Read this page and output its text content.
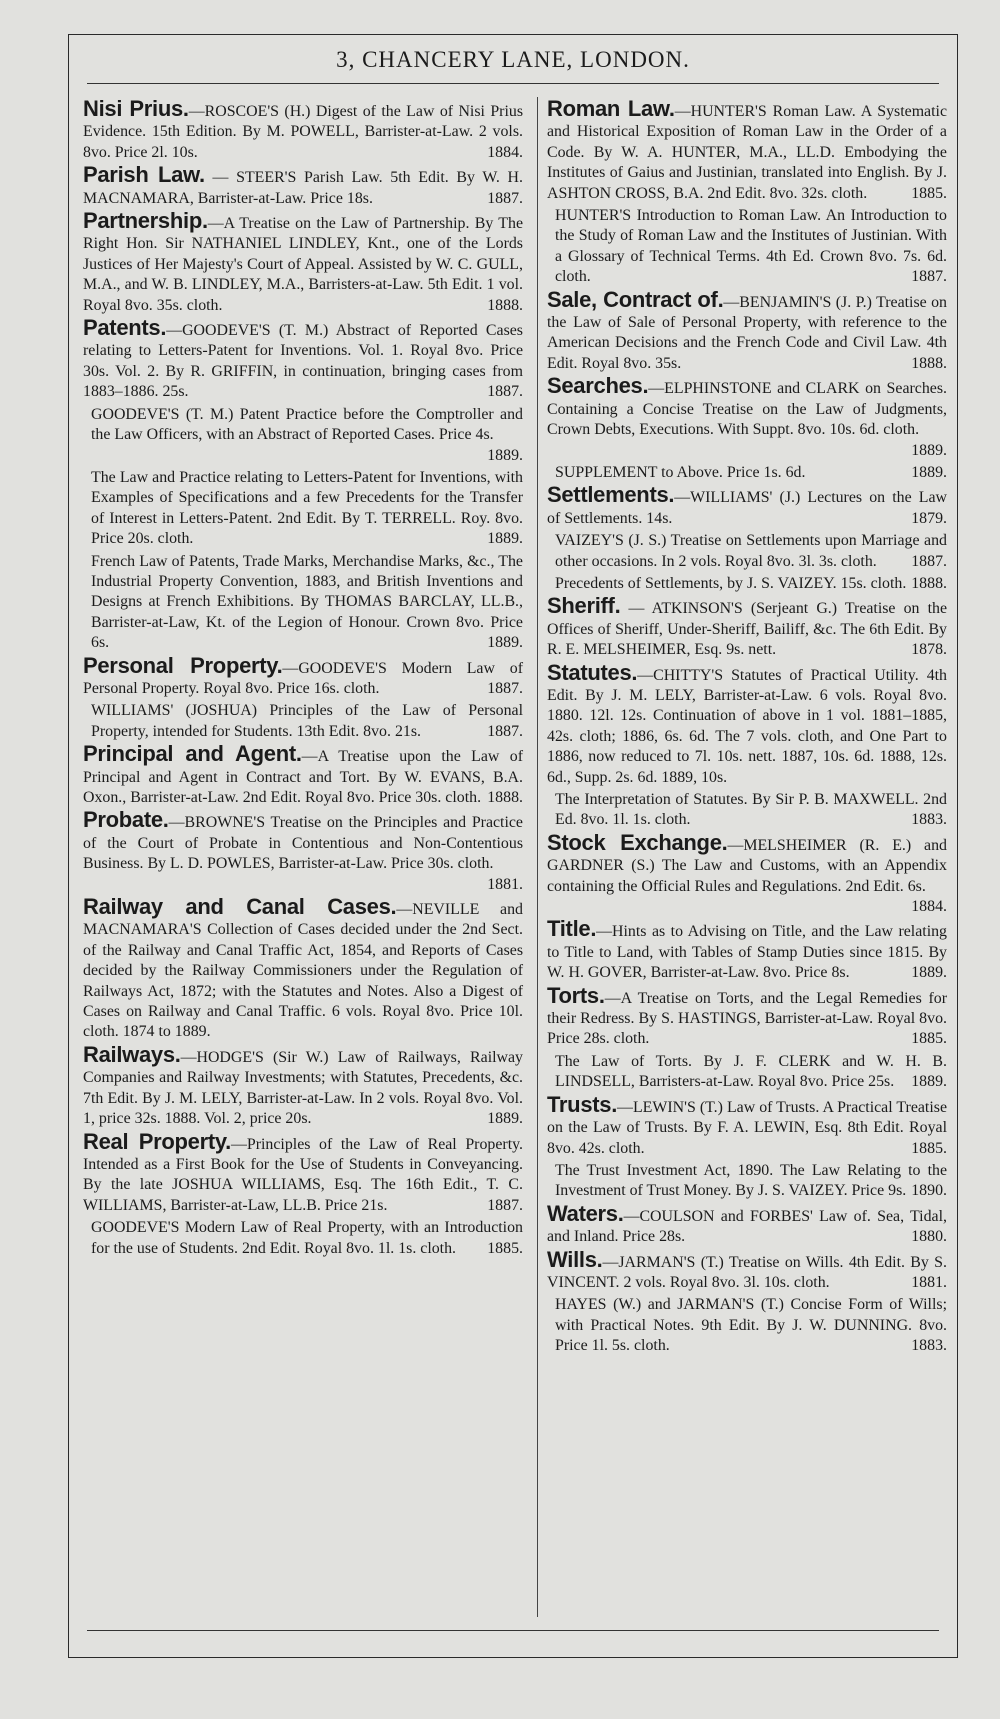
3, CHANCERY LANE, LONDON.
Nisi Prius.—ROSCOE'S (H.) Digest of the Law of Nisi Prius Evidence. 15th Edition. By M. POWELL, Barrister-at-Law. 2 vols. 8vo. Price 2l. 10s.	1884.
Parish Law. — STEER'S Parish Law. 5th Edit. By W. H. MACNAMARA, Barrister-at-Law. Price 18s.	1887.
Partnership.—A Treatise on the Law of Partnership. By The Right Hon. Sir NATHANIEL LINDLEY, Knt., one of the Lords Justices of Her Majesty's Court of Appeal. Assisted by W. C. GULL, M.A., and W. B. LINDLEY, M.A., Barristers-at-Law. 5th Edit. 1 vol. Royal 8vo. 35s. cloth.	1888.
Patents.—GOODEVE'S (T. M.) Abstract of Reported Cases relating to Letters-Patent for Inventions. Vol. 1. Royal 8vo. Price 30s. Vol. 2. By R. GRIFFIN, in continuation, bringing cases from 1883–1886. 25s.	1887.
GOODEVE'S (T. M.) Patent Practice before the Comptroller and the Law Officers, with an Abstract of Reported Cases. Price 4s.
1889.
The Law and Practice relating to Letters-Patent for Inventions, with Examples of Specifications and a few Precedents for the Transfer of Interest in Letters-Patent. 2nd Edit. By T. TERRELL. Roy. 8vo. Price 20s. cloth.	1889.
French Law of Patents, Trade Marks, Merchandise Marks, &c., The Industrial Property Convention, 1883, and British Inventions and Designs at French Exhibitions. By THOMAS BARCLAY, LL.B., Barrister-at-Law, Kt. of the Legion of Honour. Crown 8vo. Price 6s.	1889.
Personal Property.—GOODEVE'S Modern Law of Personal Property. Royal 8vo. Price 16s. cloth.	1887.
WILLIAMS' (JOSHUA) Principles of the Law of Personal Property, intended for Students. 13th Edit. 8vo. 21s.	1887.
Principal and Agent.—A Treatise upon the Law of Principal and Agent in Contract and Tort. By W. EVANS, B.A. Oxon., Barrister-at-Law. 2nd Edit. Royal 8vo. Price 30s. cloth. 1888.
Probate.—BROWNE'S Treatise on the Principles and Practice of the Court of Probate in Contentious and Non-Contentious Business. By L. D. POWLES, Barrister-at-Law. Price 30s. cloth.
1881.
Railway and Canal Cases.—NEVILLE and MACNAMARA'S Collection of Cases decided under the 2nd Sect. of the Railway and Canal Traffic Act, 1854, and Reports of Cases decided by the Railway Commissioners under the Regulation of Railways Act, 1872; with the Statutes and Notes. Also a Digest of Cases on Railway and Canal Traffic. 6 vols. Royal 8vo. Price 10l. cloth. 1874 to 1889.
Railways.—HODGE'S (Sir W.) Law of Railways, Railway Companies and Railway Investments; with Statutes, Precedents, &c. 7th Edit. By J. M. LELY, Barrister-at-Law. In 2 vols. Royal 8vo. Vol. 1, price 32s. 1888. Vol. 2, price 20s.	1889.
Real Property.—Principles of the Law of Real Property. Intended as a First Book for the Use of Students in Conveyancing. By the late JOSHUA WILLIAMS, Esq. The 16th Edit., T. C. WILLIAMS, Barrister-at-Law, LL.B. Price 21s.	1887.
GOODEVE'S Modern Law of Real Property, with an Introduction for the use of Students. 2nd Edit. Royal 8vo. 1l. 1s. cloth. 1885.
Roman Law.—HUNTER'S Roman Law. A Systematic and Historical Exposition of Roman Law in the Order of a Code. By W. A. HUNTER, M.A., LL.D. Embodying the Institutes of Gaius and Justinian, translated into English. By J. ASHTON CROSS, B.A. 2nd Edit. 8vo. 32s. cloth.	1885.
HUNTER'S Introduction to Roman Law. An Introduction to the Study of Roman Law and the Institutes of Justinian. With a Glossary of Technical Terms. 4th Ed. Crown 8vo. 7s. 6d. cloth.	1887.
Sale, Contract of.—BENJAMIN'S (J. P.) Treatise on the Law of Sale of Personal Property, with reference to the American Decisions and the French Code and Civil Law. 4th Edit. Royal 8vo. 35s.	1888.
Searches.—ELPHINSTONE and CLARK on Searches. Containing a Concise Treatise on the Law of Judgments, Crown Debts, Executions. With Suppt. 8vo. 10s. 6d. cloth.
1889.
SUPPLEMENT to Above. Price 1s. 6d.	1889.
Settlements.—WILLIAMS' (J.) Lectures on the Law of Settlements. 14s.	1879.
VAIZEY'S (J. S.) Treatise on Settlements upon Marriage and other occasions. In 2 vols. Royal 8vo. 3l. 3s. cloth. 1887.
Precedents of Settlements, by J. S. VAIZEY. 15s. cloth. 1888.
Sheriff. — ATKINSON'S (Serjeant G.) Treatise on the Offices of Sheriff, Under-Sheriff, Bailiff, &c. The 6th Edit. By R. E. MELSHEIMER, Esq. 9s. nett.	1878.
Statutes.—CHITTY'S Statutes of Practical Utility. 4th Edit. By J. M. LELY, Barrister-at-Law. 6 vols. Royal 8vo. 1880. 12l. 12s. Continuation of above in 1 vol. 1881–1885, 42s. cloth; 1886, 6s. 6d. The 7 vols. cloth, and One Part to 1886, now reduced to 7l. 10s. nett. 1887, 10s. 6d. 1888, 12s. 6d., Supp. 2s. 6d. 1889, 10s.
The Interpretation of Statutes. By Sir P. B. MAXWELL. 2nd Ed. 8vo. 1l. 1s. cloth.	1883.
Stock Exchange.—MELSHEIMER (R. E.) and GARDNER (S.) The Law and Customs, with an Appendix containing the Official Rules and Regulations. 2nd Edit. 6s.
1884.
Title.—Hints as to Advising on Title, and the Law relating to Title to Land, with Tables of Stamp Duties since 1815. By W. H. GOVER, Barrister-at-Law. 8vo. Price 8s.	1889.
Torts.—A Treatise on Torts, and the Legal Remedies for their Redress. By S. HASTINGS, Barrister-at-Law. Royal 8vo. Price 28s. cloth.	1885.
The Law of Torts. By J. F. CLERK and W. H. B. LINDSELL, Barristers-at-Law. Royal 8vo. Price 25s. 1889.
Trusts.—LEWIN'S (T.) Law of Trusts. A Practical Treatise on the Law of Trusts. By F. A. LEWIN, Esq. 8th Edit. Royal 8vo. 42s. cloth.	1885.
The Trust Investment Act, 1890. The Law Relating to the Investment of Trust Money. By J. S. VAIZEY. Price 9s. 1890.
Waters.—COULSON and FORBES' Law of. Sea, Tidal, and Inland. Price 28s.	1880.
Wills.—JARMAN'S (T.) Treatise on Wills. 4th Edit. By S. VINCENT. 2 vols. Royal 8vo. 3l. 10s. cloth.	1881.
HAYES (W.) and JARMAN'S (T.) Concise Form of Wills; with Practical Notes. 9th Edit. By J. W. DUNNING. 8vo. Price 1l. 5s. cloth.	1883.
